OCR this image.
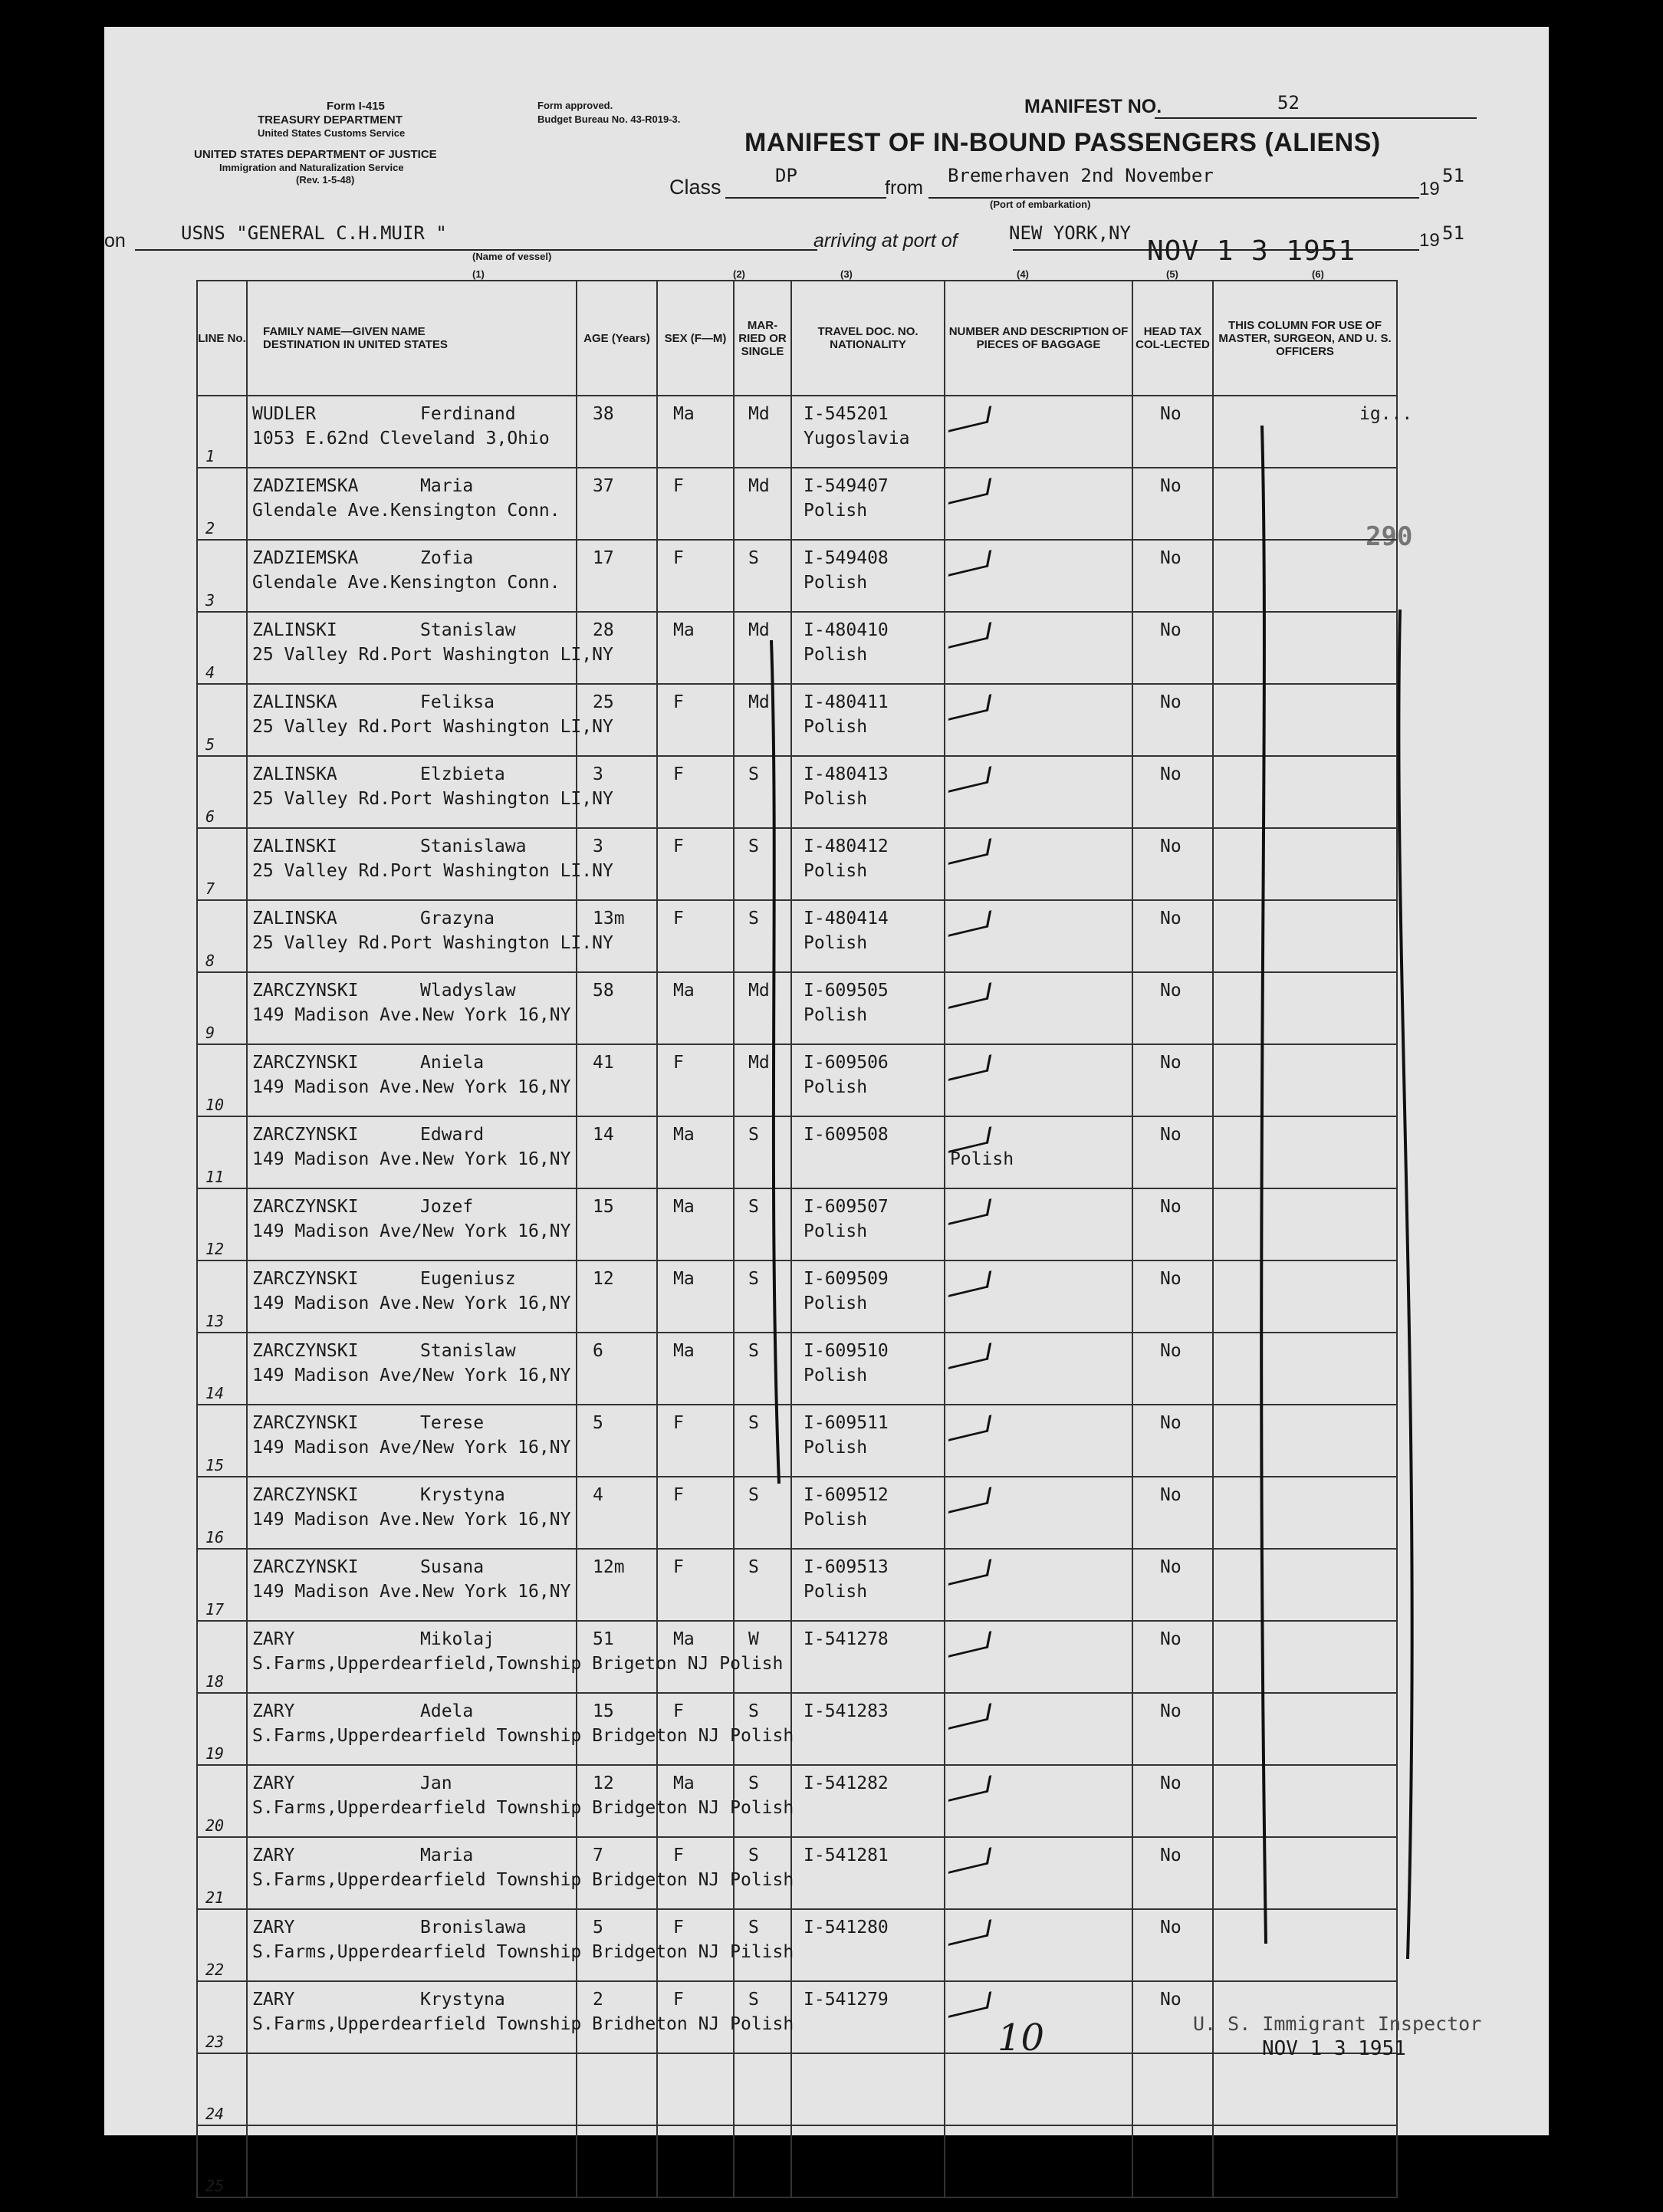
Form I-415
TREASURY DEPARTMENT
United States Customs Service
UNITED STATES DEPARTMENT OF JUSTICE
Immigration and Naturalization Service
(Rev. 1-5-48)
Form approved.
Budget Bureau No. 43-R019-3.
MANIFEST NO.	52
MANIFEST OF IN-BOUND PASSENGERS (ALIENS)
Class	DP
from
Bremerhaven 2nd November
(Port of embarkation)
19
51
on	USNS "GENERAL C.H.MUIR "
(Name of vessel)
arriving at port of	NEW YORK,NY
NOV 1 3 1951	19 51
(1)	(2)	(3)	(4)	(5)	(6)
290
LINE No.	FAMILY NAME—GIVEN NAME
DESTINATION IN UNITED STATES	AGE (Years)	SEX (F—M)	MAR-RIED OR SINGLE	TRAVEL DOC. NO. NATIONALITY	NUMBER AND DESCRIPTION OF PIECES OF BAGGAGE	HEAD TAX COL-LECTED	THIS COLUMN FOR USE OF MASTER, SURGEON, AND U. S. OFFICERS

1	WUDLER Ferdinand
1053 E.62nd Cleveland 3,Ohio	38	Ma	Md	I-545201
Yugoslavia		No	ig...

2	ZADZIEMSKA Maria
Glendale Ave.Kensington Conn.	37	F	Md	I-549407
Polish		No	

3	ZADZIEMSKA Zofia
Glendale Ave.Kensington Conn.	17	F	S	I-549408
Polish		No	

4	ZALINSKI Stanislaw
25 Valley Rd.Port Washington LI,NY	28	Ma	Md	I-480410
Polish		No	

5	ZALINSKA Feliksa
25 Valley Rd.Port Washington LI,NY	25	F	Md	I-480411
Polish		No	

6	ZALINSKA Elzbieta
25 Valley Rd.Port Washington LI,NY	3	F	S	I-480413
Polish		No	

7	ZALINSKI Stanislawa
25 Valley Rd.Port Washington LI.NY	3	F	S	I-480412
Polish		No	

8	ZALINSKA Grazyna
25 Valley Rd.Port Washington LI.NY	13m	F	S	I-480414
Polish		No	

9	ZARCZYNSKI Wladyslaw
149 Madison Ave.New York 16,NY	58	Ma	Md	I-609505
Polish		No	

10	ZARCZYNSKI Aniela
149 Madison Ave.New York 16,NY	41	F	Md	I-609506
Polish		No	

11	ZARCZYNSKI Edward
149 Madison Ave.New York 16,NY	14	Ma	S	I-609508	Polish	No	

12	ZARCZYNSKI Jozef
149 Madison Ave/New York 16,NY	15	Ma	S	I-609507
Polish		No	

13	ZARCZYNSKI Eugeniusz
149 Madison Ave.New York 16,NY	12	Ma	S	I-609509
Polish		No	

14	ZARCZYNSKI Stanislaw
149 Madison Ave/New York 16,NY	6	Ma	S	I-609510
Polish		No	

15	ZARCZYNSKI Terese
149 Madison Ave/New York 16,NY	5	F	S	I-609511
Polish		No	

16	ZARCZYNSKI Krystyna
149 Madison Ave.New York 16,NY	4	F	S	I-609512
Polish		No	

17	ZARCZYNSKI Susana
149 Madison Ave.New York 16,NY	12m	F	S	I-609513
Polish		No	

18	ZARY Mikolaj
S.Farms,Upperdearfield,Township Brigeton NJ Polish	51	Ma	W	I-541278		No	

19	ZARY Adela
S.Farms,Upperdearfield Township Bridgeton NJ Polish	15	F	S	I-541283		No	

20	ZARY Jan
S.Farms,Upperdearfield Township Bridgeton NJ Polish	12	Ma	S	I-541282		No	

21	ZARY Maria
S.Farms,Upperdearfield Township Bridgeton NJ Polish	7	F	S	I-541281		No	

22	ZARY Bronislawa
S.Farms,Upperdearfield Township Bridgeton NJ Pilish	5	F	S	I-541280		No	

23	ZARY Krystyna
S.Farms,Upperdearfield Township Bridheton NJ Polish	2	F	S	I-541279		No	

24								

25								

U. S. Immigrant Inspector
NOV 1 3 1951
10
